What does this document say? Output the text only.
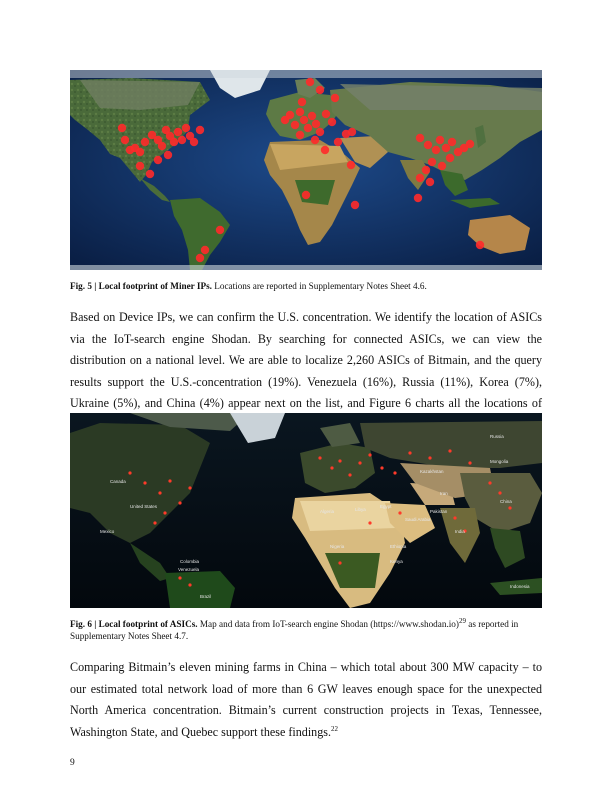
Fig. 5 | Local footprint of Miner IPs. Locations are reported in Supplementary Notes Sheet 4.6.

Based on Device IPs, we can confirm the U.S. concentration. We identify the location of ASICs via the IoT-search engine Shodan. By searching for connected ASICs, we can view the distribution on a national level. We are able to localize 2,260 ASICs of Bitmain, and the query results support the U.S.-concentration (19%). Venezuela (16%), Russia (11%), Korea (7%), Ukraine (5%), and China (4%) appear next on the list, and Figure 6 charts all the locations of

Canada
United States
Venezuela
Brazil
Russia
China
India
Kazakhstan
Mongolia
Algeria	Libya
Egypt
Nigeria	Ethiopia
Saudi Arabia
Iran
Pakistan
Indonesia
Mexico
Colombia	Kenya
Fig. 6 | Local footprint of ASICs. Map and data from IoT-search engine Shodan (https://www.shodan.io)$^{29}$ as reported in Supplementary Notes Sheet 4.7.

Comparing Bitmain’s eleven mining farms in China – which total about 300 MW capacity – to our estimated total network load of more than 6 GW leaves enough space for the unexpected North America concentration. Bitmain’s current construction projects in Texas, Tennessee, Washington State, and Quebec support these findings.$^{22}$

9
